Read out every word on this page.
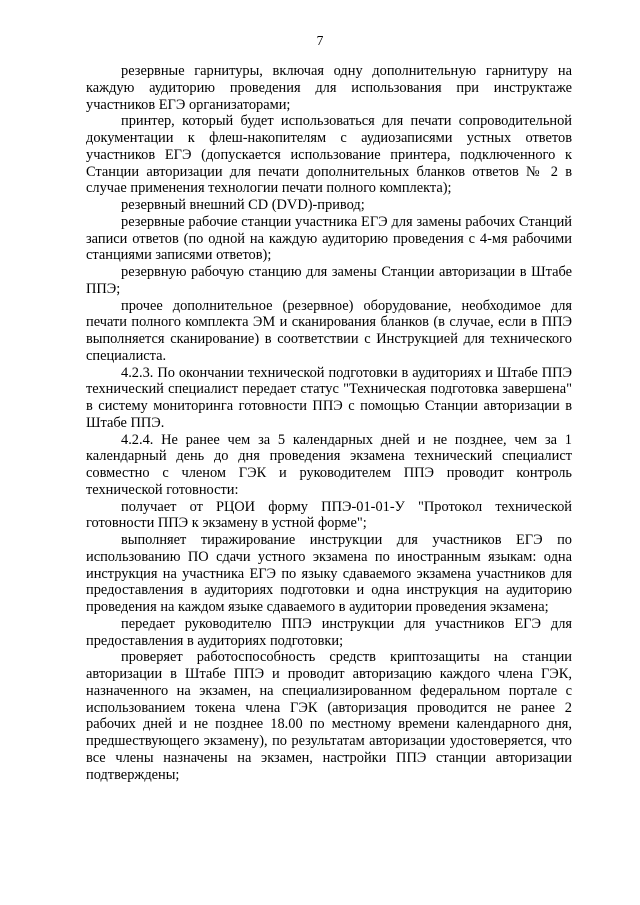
7

резервные гарнитуры, включая одну дополнительную гарнитуру на каждую аудиторию проведения для использования при инструктаже участников ЕГЭ организаторами;

принтер, который будет использоваться для печати сопроводительной документации к флеш-накопителям с аудиозаписями устных ответов участников ЕГЭ (допускается использование принтера, подключенного к Станции авторизации для печати дополнительных бланков ответов № 2 в случае применения технологии печати полного комплекта);

резервный внешний CD (DVD)-привод;

резервные рабочие станции участника ЕГЭ для замены рабочих Станций записи ответов (по одной на каждую аудиторию проведения с 4-мя рабочими станциями записями ответов);

резервную рабочую станцию для замены Станции авторизации в Штабе ППЭ;

прочее дополнительное (резервное) оборудование, необходимое для печати полного комплекта ЭМ и сканирования бланков (в случае, если в ППЭ выполняется сканирование) в соответствии с Инструкцией для технического специалиста.

4.2.3. По окончании технической подготовки в аудиториях и Штабе ППЭ технический специалист передает статус "Техническая подготовка завершена" в систему мониторинга готовности ППЭ с помощью Станции авторизации в Штабе ППЭ.

4.2.4. Не ранее чем за 5 календарных дней и не позднее, чем за 1 календарный день до дня проведения экзамена технический специалист совместно с членом ГЭК и руководителем ППЭ проводит контроль технической готовности:

получает от РЦОИ форму ППЭ-01-01-У "Протокол технической готовности ППЭ к экзамену в устной форме";

выполняет тиражирование инструкции для участников ЕГЭ по использованию ПО сдачи устного экзамена по иностранным языкам: одна инструкция на участника ЕГЭ по языку сдаваемого экзамена участников для предоставления в аудиториях подготовки и одна инструкция на аудиторию проведения на каждом языке сдаваемого в аудитории проведения экзамена;

передает руководителю ППЭ инструкции для участников ЕГЭ для предоставления в аудиториях подготовки;

проверяет работоспособность средств криптозащиты на станции авторизации в Штабе ППЭ и проводит авторизацию каждого члена ГЭК, назначенного на экзамен, на специализированном федеральном портале с использованием токена члена ГЭК (авторизация проводится не ранее 2 рабочих дней и не позднее 18.00 по местному времени календарного дня, предшествующего экзамену), по результатам авторизации удостоверяется, что все члены назначены на экзамен, настройки ППЭ станции авторизации подтверждены;
